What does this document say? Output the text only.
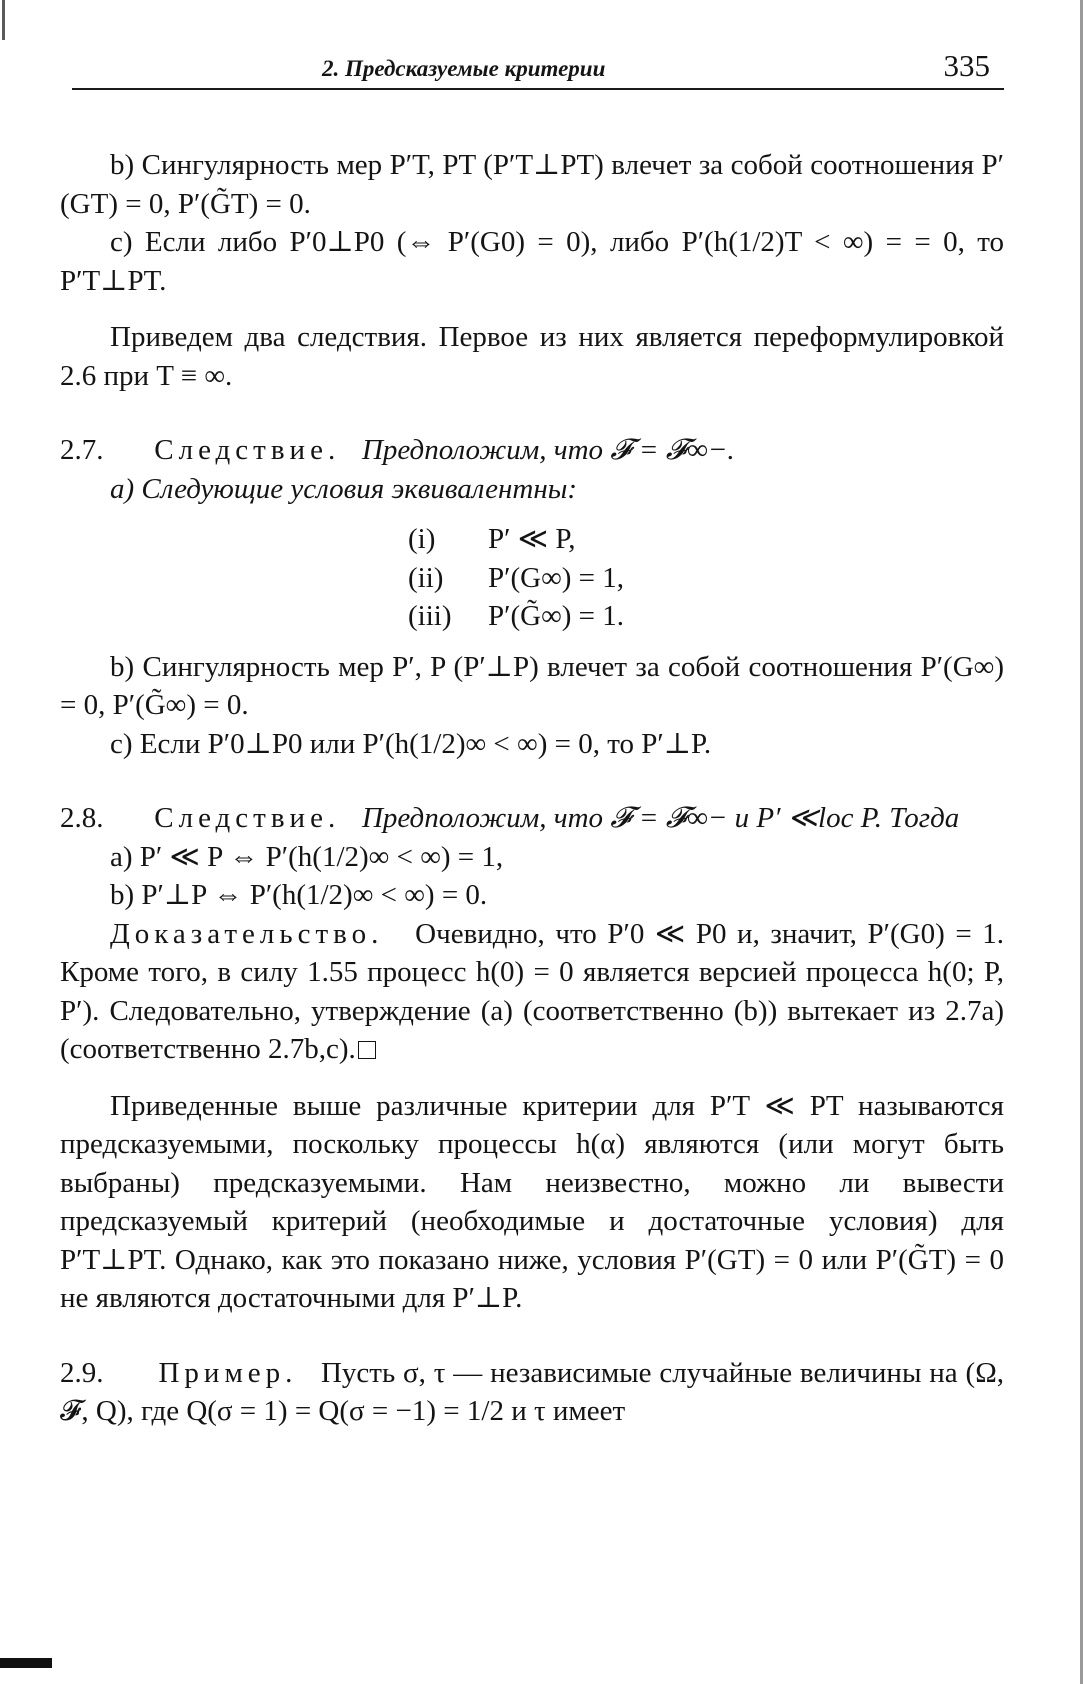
2. Предсказуемые критерии	335

b) Сингулярность мер P′T, PT (P′T⊥PT) влечет за собой соотношения P′(GT) = 0, P′(G̃T) = 0.

c) Если либо P′0⊥P0 (⇔ P′(G0) = 0), либо P′(h(1/2)T < ∞) = = 0, то P′T⊥PT.

Приведем два следствия. Первое из них является переформулировкой 2.6 при T ≡ ∞.

2.7. Следствие. Предположим, что 𝓕 = 𝓕∞−.

a) Следующие условия эквивалентны:

(i)	P′ ≪ P,
(ii)	P′(G∞) = 1,
(iii)	P′(G̃∞) = 1.

b) Сингулярность мер P′, P (P′⊥P) влечет за собой соотношения P′(G∞) = 0, P′(G̃∞) = 0.

c) Если P′0⊥P0 или P′(h(1/2)∞ < ∞) = 0, то P′⊥P.

2.8. Следствие. Предположим, что 𝓕 = 𝓕∞− и P′ ≪loc P. Тогда

a) P′ ≪ P ⇔ P′(h(1/2)∞ < ∞) = 1,

b) P′⊥P ⇔ P′(h(1/2)∞ < ∞) = 0.

Доказательство. Очевидно, что P′0 ≪ P0 и, значит, P′(G0) = 1. Кроме того, в силу 1.55 процесс h(0) = 0 является версией процесса h(0; P, P′). Следовательно, утверждение (a) (соответственно (b)) вытекает из 2.7a) (соответственно 2.7b,c).

Приведенные выше различные критерии для P′T ≪ PT называются предсказуемыми, поскольку процессы h(α) являются (или могут быть выбраны) предсказуемыми. Нам неизвестно, можно ли вывести предсказуемый критерий (необходимые и достаточные условия) для P′T⊥PT. Однако, как это показано ниже, условия P′(GT) = 0 или P′(G̃T) = 0 не являются достаточными для P′⊥P.

2.9. Пример. Пусть σ, τ — независимые случайные величины на (Ω, 𝓕, Q), где Q(σ = 1) = Q(σ = −1) = 1/2 и τ имеет
